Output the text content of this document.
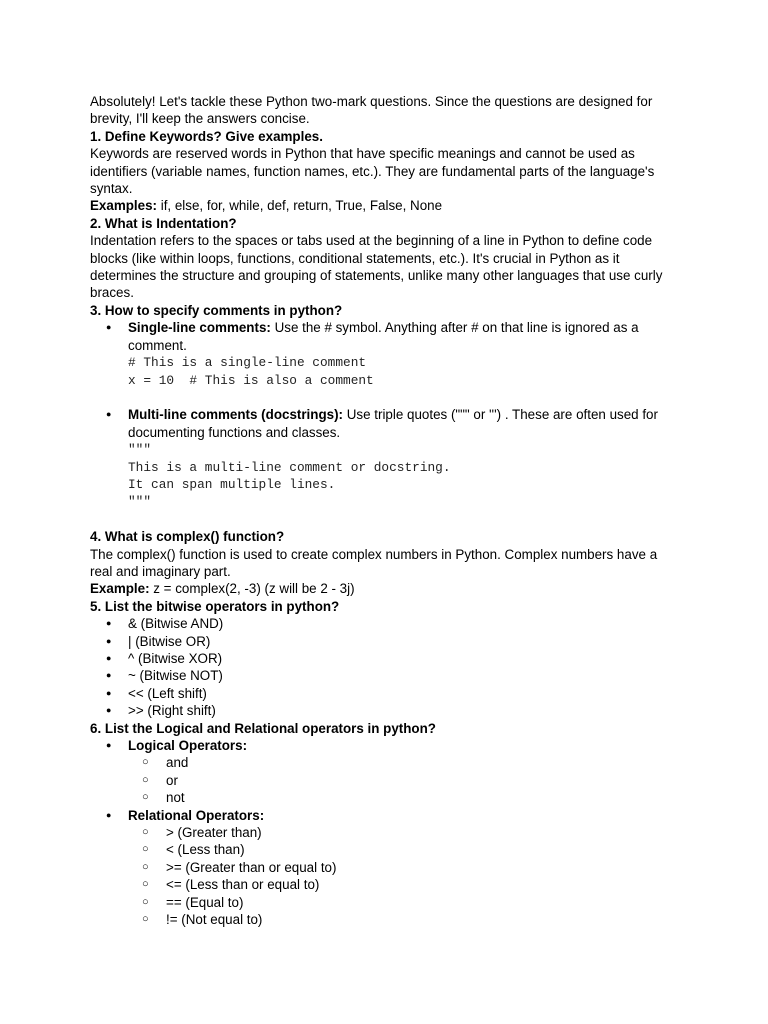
Absolutely! Let's tackle these Python two-mark questions. Since the questions are designed for brevity, I'll keep the answers concise.

1. Define Keywords? Give examples.

Keywords are reserved words in Python that have specific meanings and cannot be used as identifiers (variable names, function names, etc.). They are fundamental parts of the language's syntax.

Examples: if, else, for, while, def, return, True, False, None

2. What is Indentation?

Indentation refers to the spaces or tabs used at the beginning of a line in Python to define code blocks (like within loops, functions, conditional statements, etc.). It's crucial in Python as it determines the structure and grouping of statements, unlike many other languages that use curly braces.

3. How to specify comments in python?

● Single-line comments: Use the # symbol. Anything after # on that line is ignored as a comment.
# This is a single-line comment
x = 10  # This is also a comment
● Multi-line comments (docstrings): Use triple quotes (""" or ''') . These are often used for documenting functions and classes.
"""
This is a multi-line comment or docstring.
It can span multiple lines.
"""

4. What is complex() function?

The complex() function is used to create complex numbers in Python. Complex numbers have a real and imaginary part.

Example: z = complex(2, -3) (z will be 2 - 3j)

5. List the bitwise operators in python?

● & (Bitwise AND)
● | (Bitwise OR)
● ^ (Bitwise XOR)
● ~ (Bitwise NOT)
● << (Left shift)
● >> (Right shift)

6. List the Logical and Relational operators in python?

● Logical Operators:
○ and
○ or
○ not
● Relational Operators:
○ > (Greater than)
○ < (Less than)
○ >= (Greater than or equal to)
○ <= (Less than or equal to)
○ == (Equal to)
○ != (Not equal to)
